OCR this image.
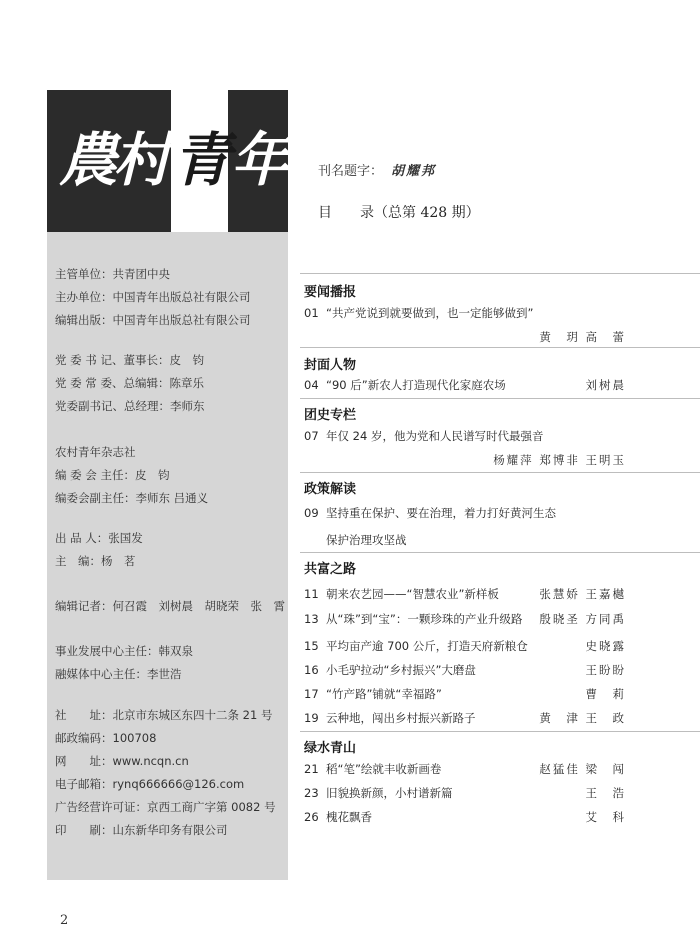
農
村 青 年 刊名题字： 胡耀邦
目 录（总第 428 期）
主管单位：共青团中央
主办单位：中国青年出版总社有限公司
编辑出版：中国青年出版总社有限公司
党 委 书 记、董事长：皮　钧
党 委 常 委、总编辑：陈章乐
党委副书记、总经理：李师东
农村青年杂志社
编 委 会 主任：皮　钧
编委会副主任：李师东 吕通义
出 品 人：张国发
主　编：杨　茗
编辑记者：何召霞　刘树晨　胡晓荣　张　霄
事业发展中心主任：韩双泉
融媒体中心主任：李世浩
社　　址：北京市东城区东四十二条 21 号
邮政编码：100708
网　　址：www.ncqn.cn
电子邮箱：rynq666666@126.com
广告经营许可证：京西工商广字第 0082 号
印　　刷：山东新华印务有限公司
要闻播报
01 “共产党说到就要做到，也一定能够做到”
黄　玥 高　蕾
封面人物
04 “90 后”新农人打造现代化家庭农场	刘树晨
团史专栏
07 年仅 24 岁，他为党和人民谱写时代最强音
杨耀萍 郑博非 王明玉
政策解读
09 坚持重在保护、要在治理，着力打好黄河生态
保护治理攻坚战
共富之路
11 朝来农艺园——“智慧农业”新样板	张慧娇 王嘉樾
13 从“珠”到“宝”：一颗珍珠的产业升级路 殷晓圣 方同禹
15 平均亩产逾 700 公斤，打造天府新粮仓	史晓露
16 小毛驴拉动“乡村振兴”大磨盘	王盼盼
17 “竹产路”铺就“幸福路”	曹　莉
19 云种地，闯出乡村振兴新路子	黄　津 王　政
绿水青山
21 稻“笔”绘就丰收新画卷	赵猛佳 梁　闯
23 旧貌换新颜，小村谱新篇	王　浩
26 槐花飘香	艾　科
2
